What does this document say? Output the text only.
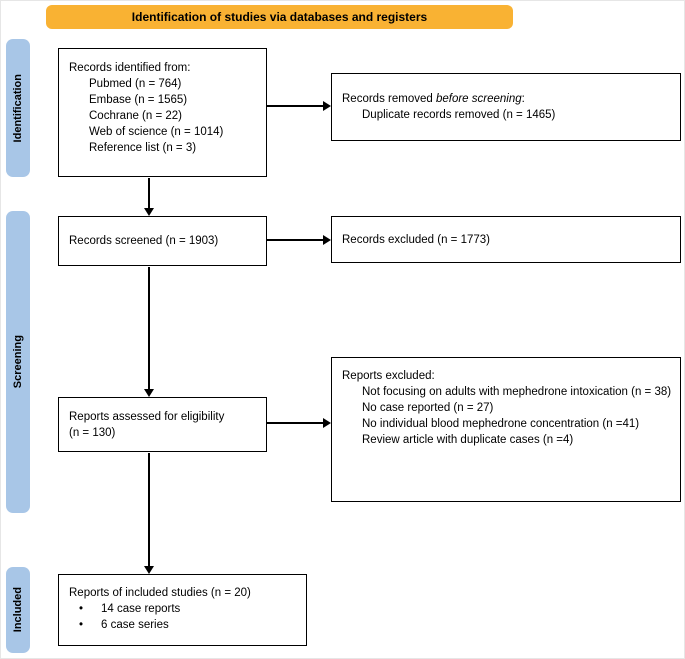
Identification of studies via databases and registers
Identification
Screening
Included
Records identified from:
Pubmed (n = 764)
Embase (n = 1565)
Cochrane (n = 22)
Web of science (n = 1014)
Reference list (n = 3)
Records removed before screening:
Duplicate records removed (n = 1465)
Records screened (n = 1903)	Records excluded (n = 1773)
Reports assessed for eligibility
(n = 130)
Reports excluded:
Not focusing on adults with mephedrone intoxication (n = 38)
No case reported (n = 27)
No individual blood mephedrone concentration (n =41)
Review article with duplicate cases (n =4)
Reports of included studies (n = 20)
•	14 case reports
•	6 case series
